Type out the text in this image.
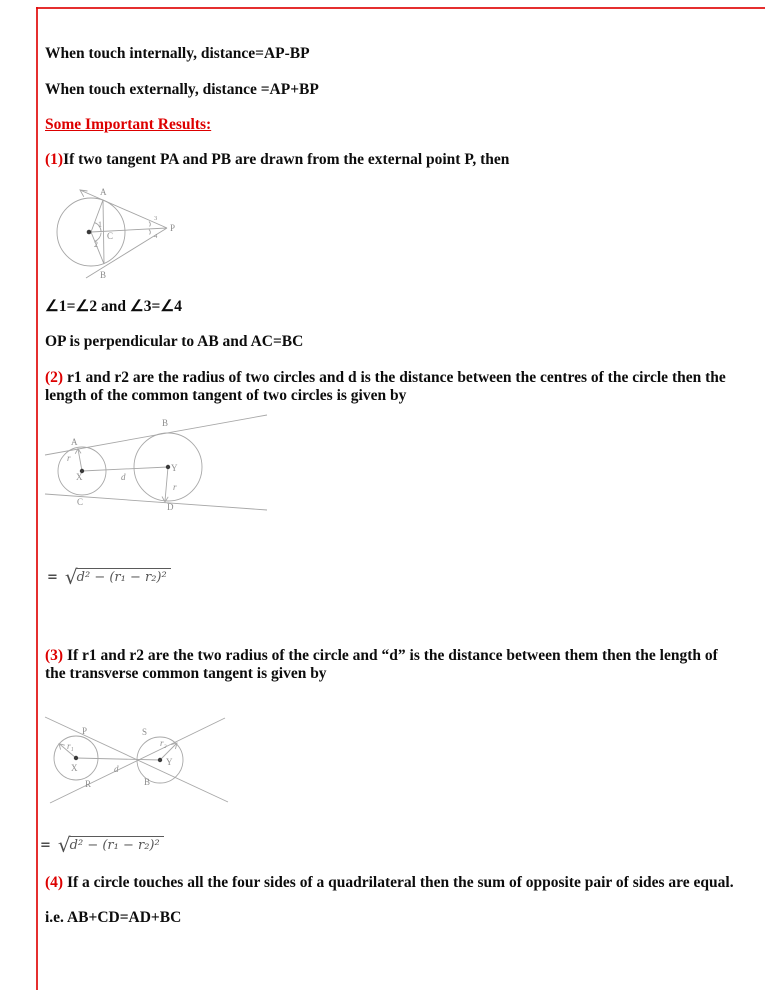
When touch internally, distance=AP-BP
When touch externally, distance =AP+BP
Some Important Results:
(1)If two tangent PA and PB are drawn from the external point P, then
A
B
C
1
2
3
4
P
∠1=∠2 and ∠3=∠4
OP is perpendicular to AB and AC=BC
(2) r1 and r2 are the radius of two circles and d is the distance between the centres of the circle then the
length of the common tangent of two circles is given by
A
B
C	D
X
Y
d
r
r
= √d² − (r₁ − r₂)²
(3) If r1 and r2 are the two radius of the circle and “d” is the distance between them then the length of
the transverse common tangent is given by
P	S
R	B
X
Y
d
r₁	r₂
= √d² − (r₁ − r₂)²
(4) If a circle touches all the four sides of a quadrilateral then the sum of opposite pair of sides are equal.
i.e. AB+CD=AD+BC
